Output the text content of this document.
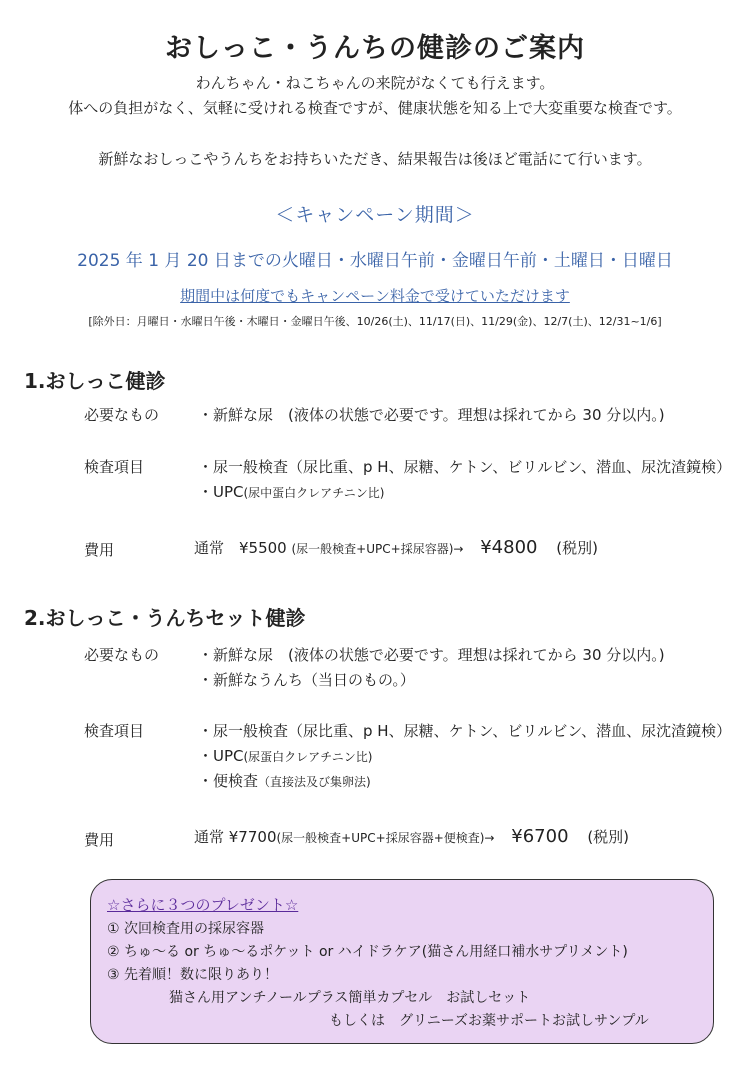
おしっこ・うんちの健診のご案内
わんちゃん・ねこちゃんの来院がなくても行えます。
体への負担がなく、気軽に受けれる検査ですが、健康状態を知る上で大変重要な検査です。
新鮮なおしっこやうんちをお持ちいただき、結果報告は後ほど電話にて行います。
＜キャンペーン期間＞
2025 年 1 月 20 日までの火曜日・水曜日午前・金曜日午前・土曜日・日曜日
期間中は何度でもキャンペーン料金で受けていただけます
[除外日：月曜日・水曜日午後・木曜日・金曜日午後、10/26(土)、11/17(日)、11/29(金)、12/7(土)、12/31~1/6]
1.おしっこ健診
必要なもの	・新鮮な尿　(液体の状態で必要です。理想は採れてから 30 分以内。)
検査項目	・尿一般検査（尿比重、p H、尿糖、ケトン、ビリルビン、潜血、尿沈渣鏡検）
・UPC(尿中蛋白クレアチニン比)
費用	通常　¥5500 (尿一般検査+UPC+採尿容器)→ ¥4800 (税別)
2.おしっこ・うんちセット健診
必要なもの	・新鮮な尿　(液体の状態で必要です。理想は採れてから 30 分以内。)
・新鮮なうんち（当日のもの。）
検査項目	・尿一般検査（尿比重、p H、尿糖、ケトン、ビリルビン、潜血、尿沈渣鏡検）
・UPC(尿蛋白クレアチニン比)
・便検査（直接法及び集卵法)
費用	通常 ¥7700(尿一般検査+UPC+採尿容器+便検査)→ ¥6700 (税別)
☆さらに３つのプレゼント☆
① 次回検査用の採尿容器
② ちゅ〜る or ちゅ〜るポケット or ハイドラケア(猫さん用経口補水サプリメント)
③ 先着順！数に限りあり！
猫さん用アンチノールプラス簡単カプセル　お試しセット
もしくは　グリニーズお薬サポートお試しサンプル
